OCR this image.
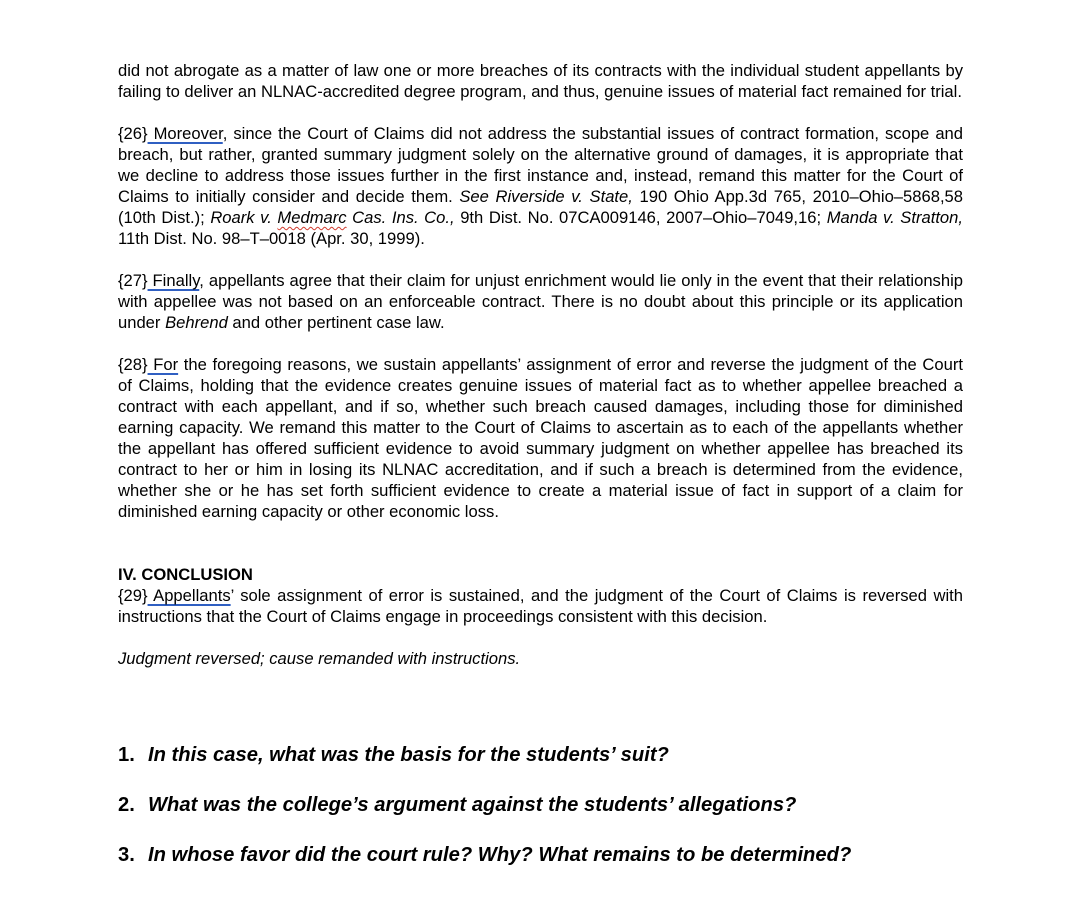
did not abrogate as a matter of law one or more breaches of its contracts with the individual student appellants by failing to deliver an NLNAC-accredited degree program, and thus, genuine issues of material fact remained for trial.

{26} Moreover, since the Court of Claims did not address the substantial issues of contract formation, scope and breach, but rather, granted summary judgment solely on the alternative ground of damages, it is appropriate that we decline to address those issues further in the first instance and, instead, remand this matter for the Court of Claims to initially consider and decide them. See Riverside v. State, 190 Ohio App.3d 765, 2010–Ohio–5868,58 (10th Dist.); Roark v. Medmarc Cas. Ins. Co., 9th Dist. No. 07CA009146, 2007–Ohio–7049,16; Manda v. Stratton, 11th Dist. No. 98–T–0018 (Apr. 30, 1999).

{27} Finally, appellants agree that their claim for unjust enrichment would lie only in the event that their relationship with appellee was not based on an enforceable contract. There is no doubt about this principle or its application under Behrend and other pertinent case law.

{28} For the foregoing reasons, we sustain appellants’ assignment of error and reverse the judgment of the Court of Claims, holding that the evidence creates genuine issues of material fact as to whether appellee breached a contract with each appellant, and if so, whether such breach caused damages, including those for diminished earning capacity. We remand this matter to the Court of Claims to ascertain as to each of the appellants whether the appellant has offered sufficient evidence to avoid summary judgment on whether appellee has breached its contract to her or him in losing its NLNAC accreditation, and if such a breach is determined from the evidence, whether she or he has set forth sufficient evidence to create a material issue of fact in support of a claim for diminished earning capacity or other economic loss.

IV. CONCLUSION

{29} Appellants’ sole assignment of error is sustained, and the judgment of the Court of Claims is reversed with instructions that the Court of Claims engage in proceedings consistent with this decision.

Judgment reversed; cause remanded with instructions.

1. In this case, what was the basis for the students’ suit?
2. What was the college’s argument against the students’ allegations?
3. In whose favor did the court rule? Why? What remains to be determined?
